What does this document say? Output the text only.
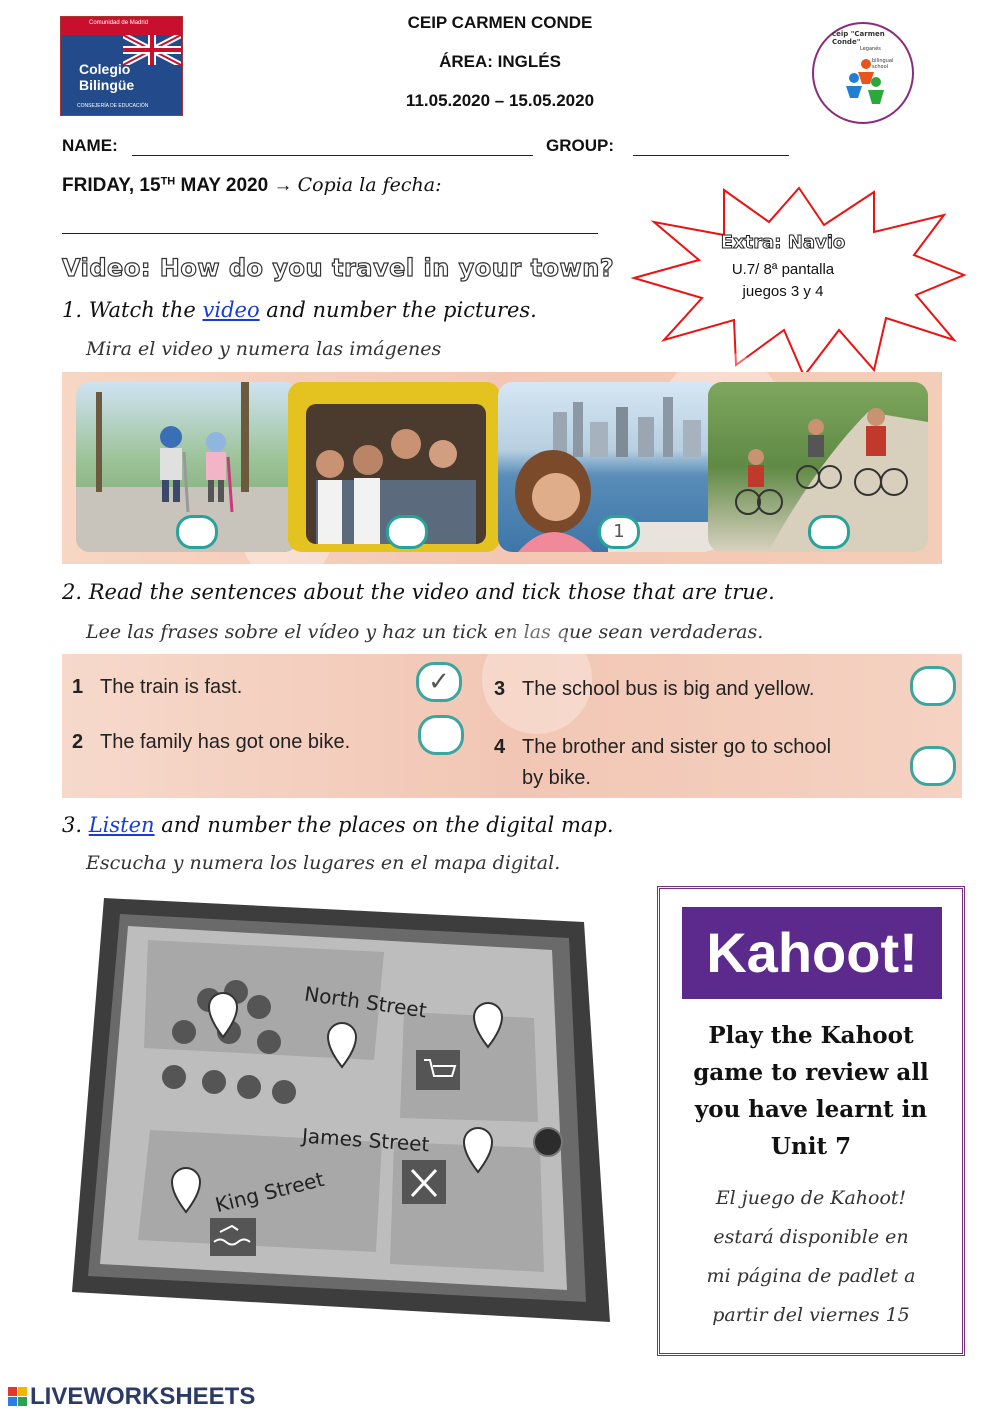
Comunidad de Madrid
Colegio
Bilingüe
CONSEJERÍA DE EDUCACIÓN
CEIP CARMEN CONDE
ÁREA: INGLÉS
11.05.2020 – 15.05.2020
ceip "Carmen Conde"
Leganés
bilingual school
NAME:	GROUP:
FRIDAY, 15TH MAY 2020 → Copia la fecha:
Extra: Navio
U.7/ 8ª pantalla
juegos 3 y 4
Video: How do you travel in your town?
1. Watch the video and number the pictures.
Mira el video y numera las imágenes
1
2. Read the sentences about the video and tick those that are true.
Lee las frases sobre el vídeo y haz un tick en las que sean verdaderas.
1 The train is fast.	✓
2 The family has got one bike.
3 The school bus is big and yellow.
4 The brother and sister go to school
by bike.
3. Listen and number the places on the digital map.
Escucha y numera los lugares en el mapa digital.
North Street
James Street
King Street
Kahoot!
Play the Kahoot
game to review all
you have learnt in
Unit 7
El juego de Kahoot!
estará disponible en
mi página de padlet a
partir del viernes 15
LIVEWORKSHEETS
